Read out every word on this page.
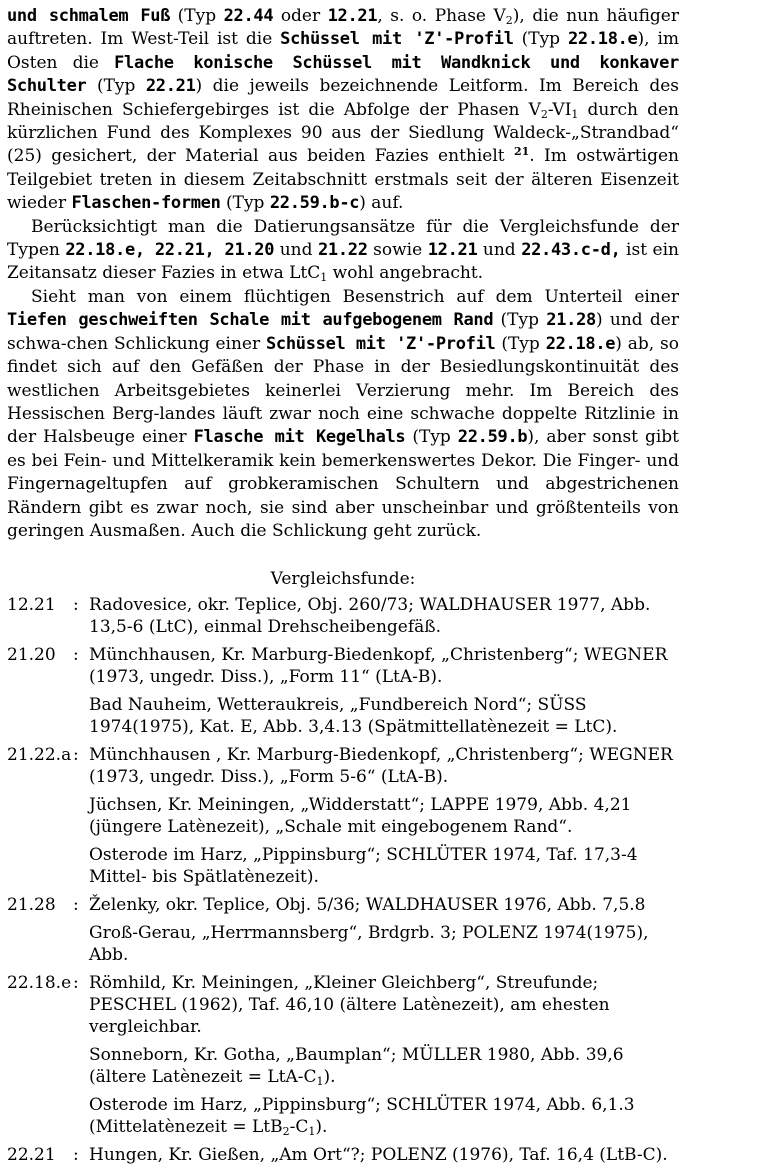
und schmalem Fuß (Typ 22.44 oder 12.21, s. o. Phase $V_2$), die nun häufiger auftreten. Im West-Teil ist die Schüssel mit 'Z'-Profil (Typ 22.18.e), im Osten die Flache konische Schüssel mit Wandknick und konkaver Schulter (Typ 22.21) die jeweils bezeichnende Leitform. Im Bereich des Rheinischen Schiefergebirges ist die Abfolge der Phasen $V_2-VI_1$ durch den kürzlichen Fund des Komplexes 90 aus der Siedlung Waldeck-„Strandbad“ (25) gesichert, der Material aus beiden Fazies enthielt $^{21}$. Im ostwärtigen Teilgebiet treten in diesem Zeitabschnitt erstmals seit der älteren Eisenzeit wieder Flaschen-formen (Typ 22.59.b-c) auf.

Berücksichtigt man die Datierungsansätze für die Vergleichsfunde der Typen 22.18.e, 22.21, 21.20 und 21.22 sowie 12.21 und 22.43.c-d, ist ein Zeitansatz dieser Fazies in etwa LtC$_1$ wohl angebracht.

Sieht man von einem flüchtigen Besenstrich auf dem Unterteil einer Tiefen geschweiften Schale mit aufgebogenem Rand (Typ 21.28) und der schwa-chen Schlickung einer Schüssel mit 'Z'-Profil (Typ 22.18.e) ab, so findet sich auf den Gefäßen der Phase in der Besiedlungskontinuität des westlichen Arbeitsgebietes keinerlei Verzierung mehr. Im Bereich des Hessischen Berg-landes läuft zwar noch eine schwache doppelte Ritzlinie in der Halsbeuge einer Flasche mit Kegelhals (Typ 22.59.b), aber sonst gibt es bei Fein- und Mittelkeramik kein bemerkenswertes Dekor. Die Finger- und Fingernageltupfen auf grobkeramischen Schultern und abgestrichenen Rändern gibt es zwar noch, sie sind aber unscheinbar und größtenteils von geringen Ausmaßen. Auch die Schlickung geht zurück.

Vergleichsfunde:
12.21	: Radovesice, okr. Teplice, Obj. 260/73; WALDHAUSER 1977, Abb. 13,5-6 (LtC), einmal Drehscheibengefäß.
21.20	: Münchhausen, Kr. Marburg-Biedenkopf, „Christenberg“; WEGNER (1973, ungedr. Diss.), „Form 11“ (LtA-B).
Bad Nauheim, Wetteraukreis, „Fundbereich Nord“; SÜSS 1974(1975), Kat. E, Abb. 3,4.13 (Spätmittellatènezeit = LtC).
21.22.a : Münchhausen , Kr. Marburg-Biedenkopf, „Christenberg“; WEGNER (1973, ungedr. Diss.), „Form 5-6“ (LtA-B).
Jüchsen, Kr. Meiningen, „Widderstatt“; LAPPE 1979, Abb. 4,21 (jüngere Latènezeit), „Schale mit eingebogenem Rand“.
Osterode im Harz, „Pippinsburg“; SCHLÜTER 1974, Taf. 17,3-4 Mittel- bis Spätlatènezeit).
21.28	: Želenky, okr. Teplice, Obj. 5/36; WALDHAUSER 1976, Abb. 7,5.8
Groß-Gerau, „Herrmannsberg“, Brdgrb. 3; POLENZ 1974(1975), Abb.
22.18.e : Römhild, Kr. Meiningen, „Kleiner Gleichberg“, Streufunde; PESCHEL (1962), Taf. 46,10 (ältere Latènezeit), am ehesten vergleichbar.
Sonneborn, Kr. Gotha, „Baumplan“; MÜLLER 1980, Abb. 39,6 (ältere Latènezeit = LtA-$C_1$).
Osterode im Harz, „Pippinsburg“; SCHLÜTER 1974, Abb. 6,1.3 (Mittelatènezeit = $LtB_2-C_1$).
22.21	: Hungen, Kr. Gießen, „Am Ort“?; POLENZ (1976), Taf. 16,4 (LtB-C).
